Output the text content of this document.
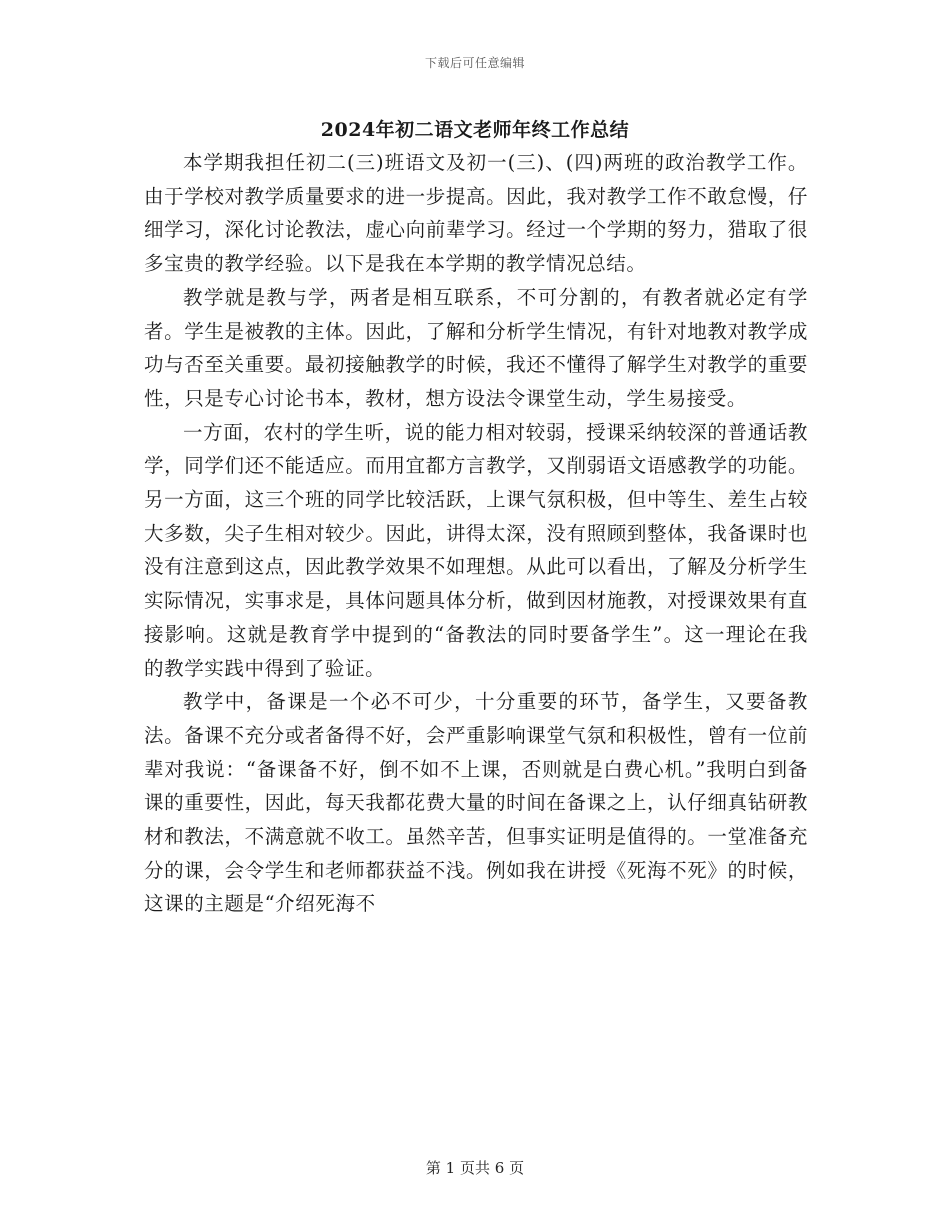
下载后可任意编辑
2024年初二语文老师年终工作总结

本学期我担任初二(三)班语文及初一(三)、(四)两班的政治教学工作。由于学校对教学质量要求的进一步提高。因此，我对教学工作不敢怠慢，仔细学习，深化讨论教法，虚心向前辈学习。经过一个学期的努力，猎取了很多宝贵的教学经验。以下是我在本学期的教学情况总结。

教学就是教与学，两者是相互联系，不可分割的，有教者就必定有学者。学生是被教的主体。因此，了解和分析学生情况，有针对地教对教学成功与否至关重要。最初接触教学的时候，我还不懂得了解学生对教学的重要性，只是专心讨论书本，教材，想方设法令课堂生动，学生易接受。

一方面，农村的学生听，说的能力相对较弱，授课采纳较深的普通话教学，同学们还不能适应。而用宜都方言教学，又削弱语文语感教学的功能。另一方面，这三个班的同学比较活跃，上课气氛积极，但中等生、差生占较大多数，尖子生相对较少。因此，讲得太深，没有照顾到整体，我备课时也没有注意到这点，因此教学效果不如理想。从此可以看出，了解及分析学生实际情况，实事求是，具体问题具体分析，做到因材施教，对授课效果有直接影响。这就是教育学中提到的“备教法的同时要备学生”。这一理论在我的教学实践中得到了验证。

教学中，备课是一个必不可少，十分重要的环节，备学生，又要备教法。备课不充分或者备得不好，会严重影响课堂气氛和积极性，曾有一位前辈对我说：“备课备不好，倒不如不上课，否则就是白费心机。”我明白到备课的重要性，因此，每天我都花费大量的时间在备课之上，认仔细真钻研教材和教法，不满意就不收工。虽然辛苦，但事实证明是值得的。一堂准备充分的课，会令学生和老师都获益不浅。例如我在讲授《死海不死》的时候，这课的主题是“介绍死海不

第 1 页共 6 页
